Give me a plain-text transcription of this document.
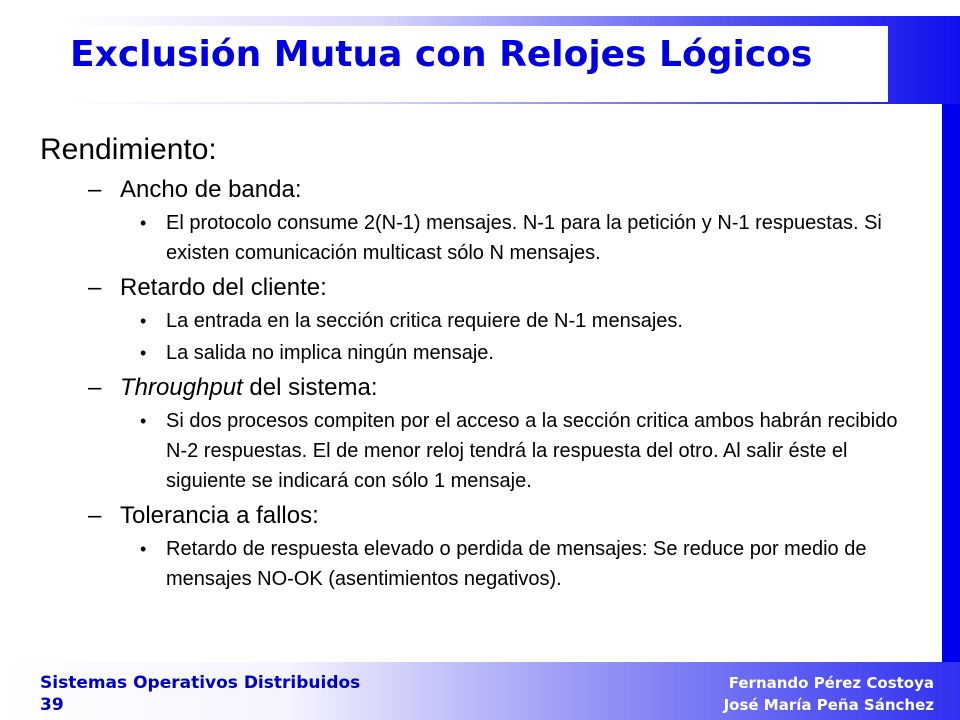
Exclusión Mutua con Relojes Lógicos
Rendimiento:
– Ancho de banda:
• El protocolo consume 2(N-1) mensajes. N-1 para la petición y N-1 respuestas. Si existen comunicación multicast sólo N mensajes.
– Retardo del cliente:
• La entrada en la sección critica requiere de N-1 mensajes.
• La salida no implica ningún mensaje.
– Throughput del sistema:
• Si dos procesos compiten por el acceso a la sección critica ambos habrán recibido N-2 respuestas. El de menor reloj tendrá la respuesta del otro. Al salir éste el siguiente se indicará con sólo 1 mensaje.
– Tolerancia a fallos:
• Retardo de respuesta elevado o perdida de mensajes: Se reduce por medio de mensajes NO-OK (asentimientos negativos).
Sistemas Operativos Distribuidos
39
Fernando Pérez Costoya
José María Peña Sánchez
